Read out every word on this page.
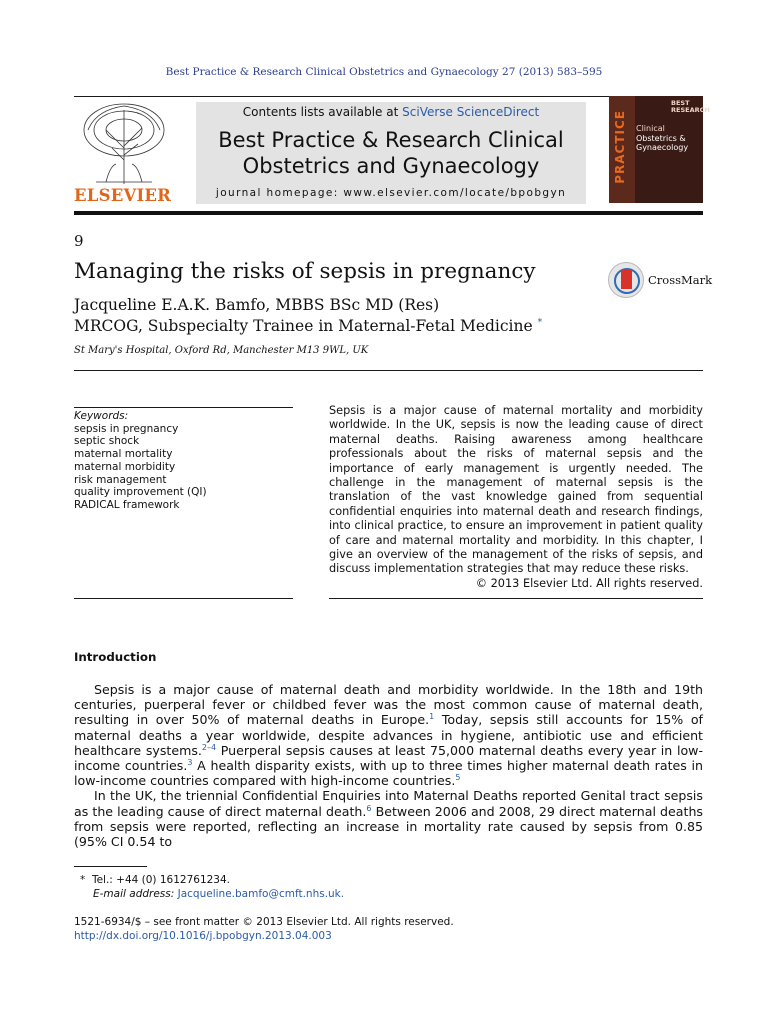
Best Practice & Research Clinical Obstetrics and Gynaecology 27 (2013) 583–595
ELSEVIER
Contents lists available at SciVerse ScienceDirect
Best Practice & Research Clinical
Obstetrics and Gynaecology
journal homepage: www.elsevier.com/locate/bpobgyn
PRACTICE
BEST
RESEARCH
Clinical
Obstetrics & Gynaecology
9
Managing the risks of sepsis in pregnancy	CrossMark
Jacqueline E.A.K. Bamfo, MBBS BSc MD (Res)
MRCOG, Subspecialty Trainee in Maternal-Fetal Medicine *
St Mary's Hospital, Oxford Rd, Manchester M13 9WL, UK
Keywords:
sepsis in pregnancy
septic shock
maternal mortality
maternal morbidity
risk management
quality improvement (QI)
RADICAL framework
Sepsis is a major cause of maternal mortality and morbidity worldwide. In the UK, sepsis is now the leading cause of direct maternal deaths. Raising awareness among healthcare professionals about the risks of maternal sepsis and the importance of early management is urgently needed. The challenge in the management of maternal sepsis is the translation of the vast knowledge gained from sequential confidential enquiries into maternal death and research findings, into clinical practice, to ensure an improvement in patient quality of care and maternal mortality and morbidity. In this chapter, I give an overview of the management of the risks of sepsis, and discuss implementation strategies that may reduce these risks.
© 2013 Elsevier Ltd. All rights reserved.
Introduction

Sepsis is a major cause of maternal death and morbidity worldwide. In the 18th and 19th centuries, puerperal fever or childbed fever was the most common cause of maternal death, resulting in over 50% of maternal deaths in Europe.$^1$ Today, sepsis still accounts for 15% of maternal deaths a year worldwide, despite advances in hygiene, antibiotic use and efficient healthcare systems.$^{2-4}$ Puerperal sepsis causes at least 75,000 maternal deaths every year in low-income countries.$^3$ A health disparity exists, with up to three times higher maternal death rates in low-income countries compared with high-income countries.$^5$

In the UK, the triennial Confidential Enquiries into Maternal Deaths reported Genital tract sepsis as the leading cause of direct maternal death.$^6$ Between 2006 and 2008, 29 direct maternal deaths from sepsis were reported, reflecting an increase in mortality rate caused by sepsis from 0.85 (95% CI 0.54 to

* Tel.: +44 (0) 1612761234.
E-mail address: Jacqueline.bamfo@cmft.nhs.uk.
1521-6934/$ – see front matter © 2013 Elsevier Ltd. All rights reserved.
http://dx.doi.org/10.1016/j.bpobgyn.2013.04.003
